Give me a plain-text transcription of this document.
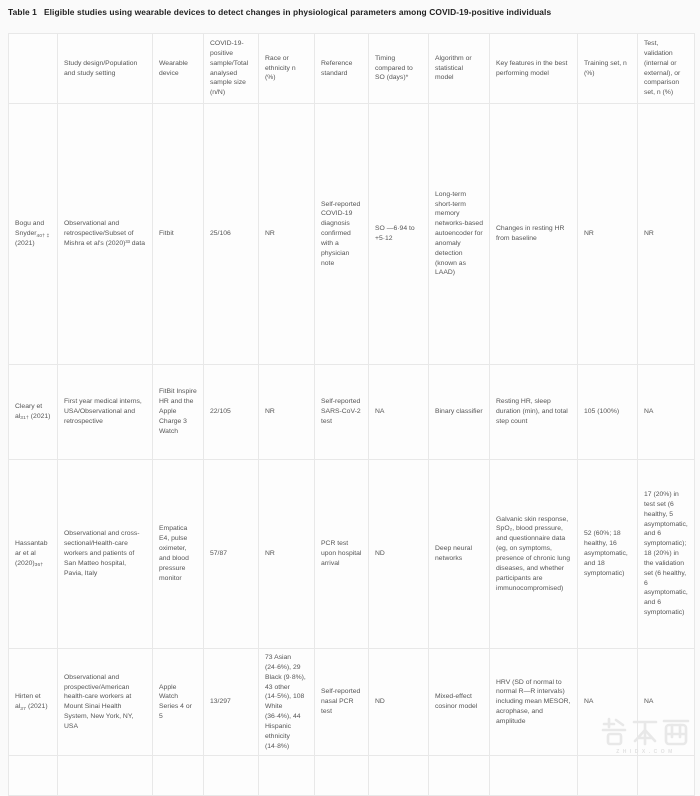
Table 1 Eligible studies using wearable devices to detect changes in physiological parameters among COVID-19-positive individuals
	Study design/Population and study setting	Wearable device	COVID-19-positive sample/Total analysed sample size (n/N)	Race or ethnicity n (%)	Reference standard	Timing compared to SO (days)*	Algorithm or statistical model	Key features in the best performing model	Training set, n (%)	Test, validation (internal or external), or comparison set, n (%)
Bogu and Snyder$_{40\dagger \ddagger}$ (2021)	Observational and retrospective/Subset of Mishra et al's (2020)³³ data	Fitbit	25/106	NR	Self-reported COVID-19 diagnosis confirmed with a physician note	SO —6·94 to +5·12	Long-term short-term memory networks-based autoencoder for anomaly detection (known as LAAD)	Changes in resting HR from baseline	NR	NR
Cleary et $al_{31\dagger}$ (2021)	First year medical interns, USA/Observational and retrospective	FitBit Inspire HR and the Apple Charge 3 Watch	22/105	NR	Self-reported SARS-CoV-2 test	NA	Binary classifier	Resting HR, sleep duration (min), and total step count	105 (100%)	NA
Hassantabar et al $(2020)_{36\dagger}$	Observational and cross-sectional/Health-care workers and patients of San Matteo hospital, Pavia, Italy	Empatica E4, pulse oximeter, and blood pressure monitor	57/87	NR	PCR test upon hospital arrival	ND	Deep neural networks	Galvanic skin response, SpO₂, blood pressure, and questionnaire data (eg, on symptoms, presence of chronic lung diseases, and whether participants are immunocompromised)	52 (60%; 18 healthy, 16 asymptomatic, and 18 symptomatic)	17 (20%) in test set (6 healthy, 5 asymptomatic, and 6 symptomatic); 18 (20%) in the validation set (6 healthy, 6 asymptomatic, and 6 symptomatic)
Hirten et $al_{37}$ (2021)	Observational and prospective/American health-care workers at Mount Sinai Health System, New York, NY, USA	Apple Watch Series 4 or 5	13/297	73 Asian (24·6%), 29 Black (9·8%), 43 other (14·5%), 108 White (36·4%), 44 Hispanic ethnicity (14·8%)	Self-reported nasal PCR test	ND	Mixed-effect cosinor model	HRV (SD of normal to normal R—R intervals) including mean MESOR, acrophase, and amplitude	NA	NA

ZHIDX.COM
